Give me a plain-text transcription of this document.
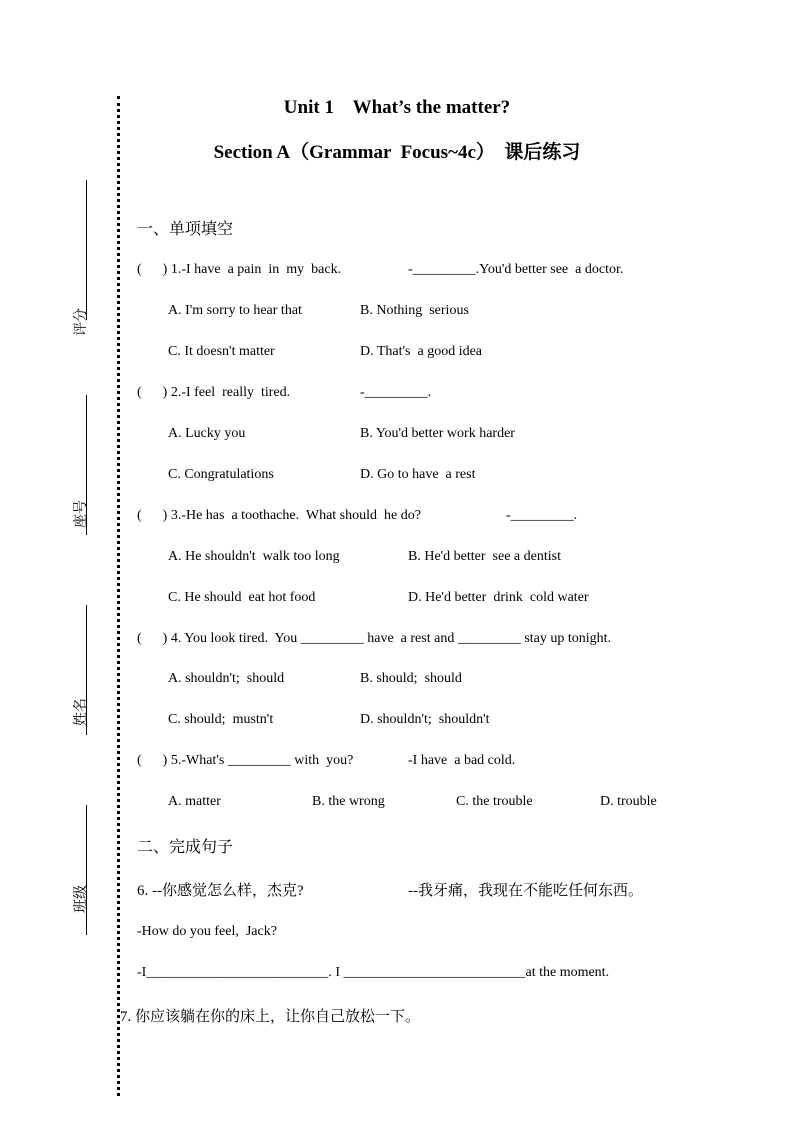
评分
座号
姓名
班级
Unit 1    What’s the matter?
Section A（Grammar  Focus~4c）  课后练习
一、单项填空
(      ) 1.-I have  a pain  in  my  back.	-_________.You'd better see  a doctor.
A. I'm sorry to hear that	B. Nothing  serious
C. It doesn't matter	D. That's  a good idea
(      ) 2.-I feel  really  tired.	-_________.
A. Lucky you	B. You'd better work harder
C. Congratulations	D. Go to have  a rest
(      ) 3.-He has  a toothache.  What should  he do?	-_________.
A. He shouldn't  walk too long	B. He'd better  see a dentist
C. He should  eat hot food	D. He'd better  drink  cold water
(      ) 4. You look tired.  You _________ have  a rest and _________ stay up tonight.
A. shouldn't;  should	B. should;  should
C. should;  mustn't	D. shouldn't;  shouldn't
(      ) 5.-What's _________ with  you?	-I have  a bad cold.
A. matter	B. the wrong	C. the trouble	D. trouble
二、完成句子
6. --你感觉怎么样，杰克?	--我牙痛，我现在不能吃任何东西。
-How do you feel,  Jack?
-I__________________________. I __________________________at the moment.
7. 你应该躺在你的床上，让你自己放松一下。
